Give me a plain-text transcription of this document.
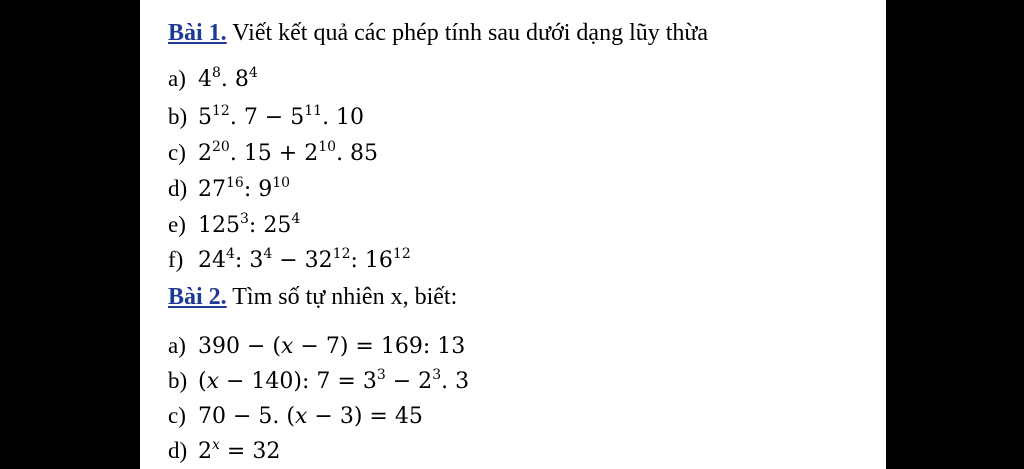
Bài 1. Viết kết quả các phép tính sau dưới dạng lũy thừa
a) $4^8$. $8^4$
b) $5^{12}$. $7 - 5^{11}$. 10
c) $2^{20}$. $15 + 2^{10}$. 85
d) $27^{16}$: $9^{10}$
e) $125^3$: $25^4$
f) $24^4$: $3^4 - 32^{12}$: $16^{12}$
Bài 2. Tìm số tự nhiên x, biết:
a) 390 − (x − 7) = 169: 13
b) (x − 140): $7 = 3^3 - 2^3$. 3
c) 70 − 5. (x − 3) = 45
d) $2^x = 32$
